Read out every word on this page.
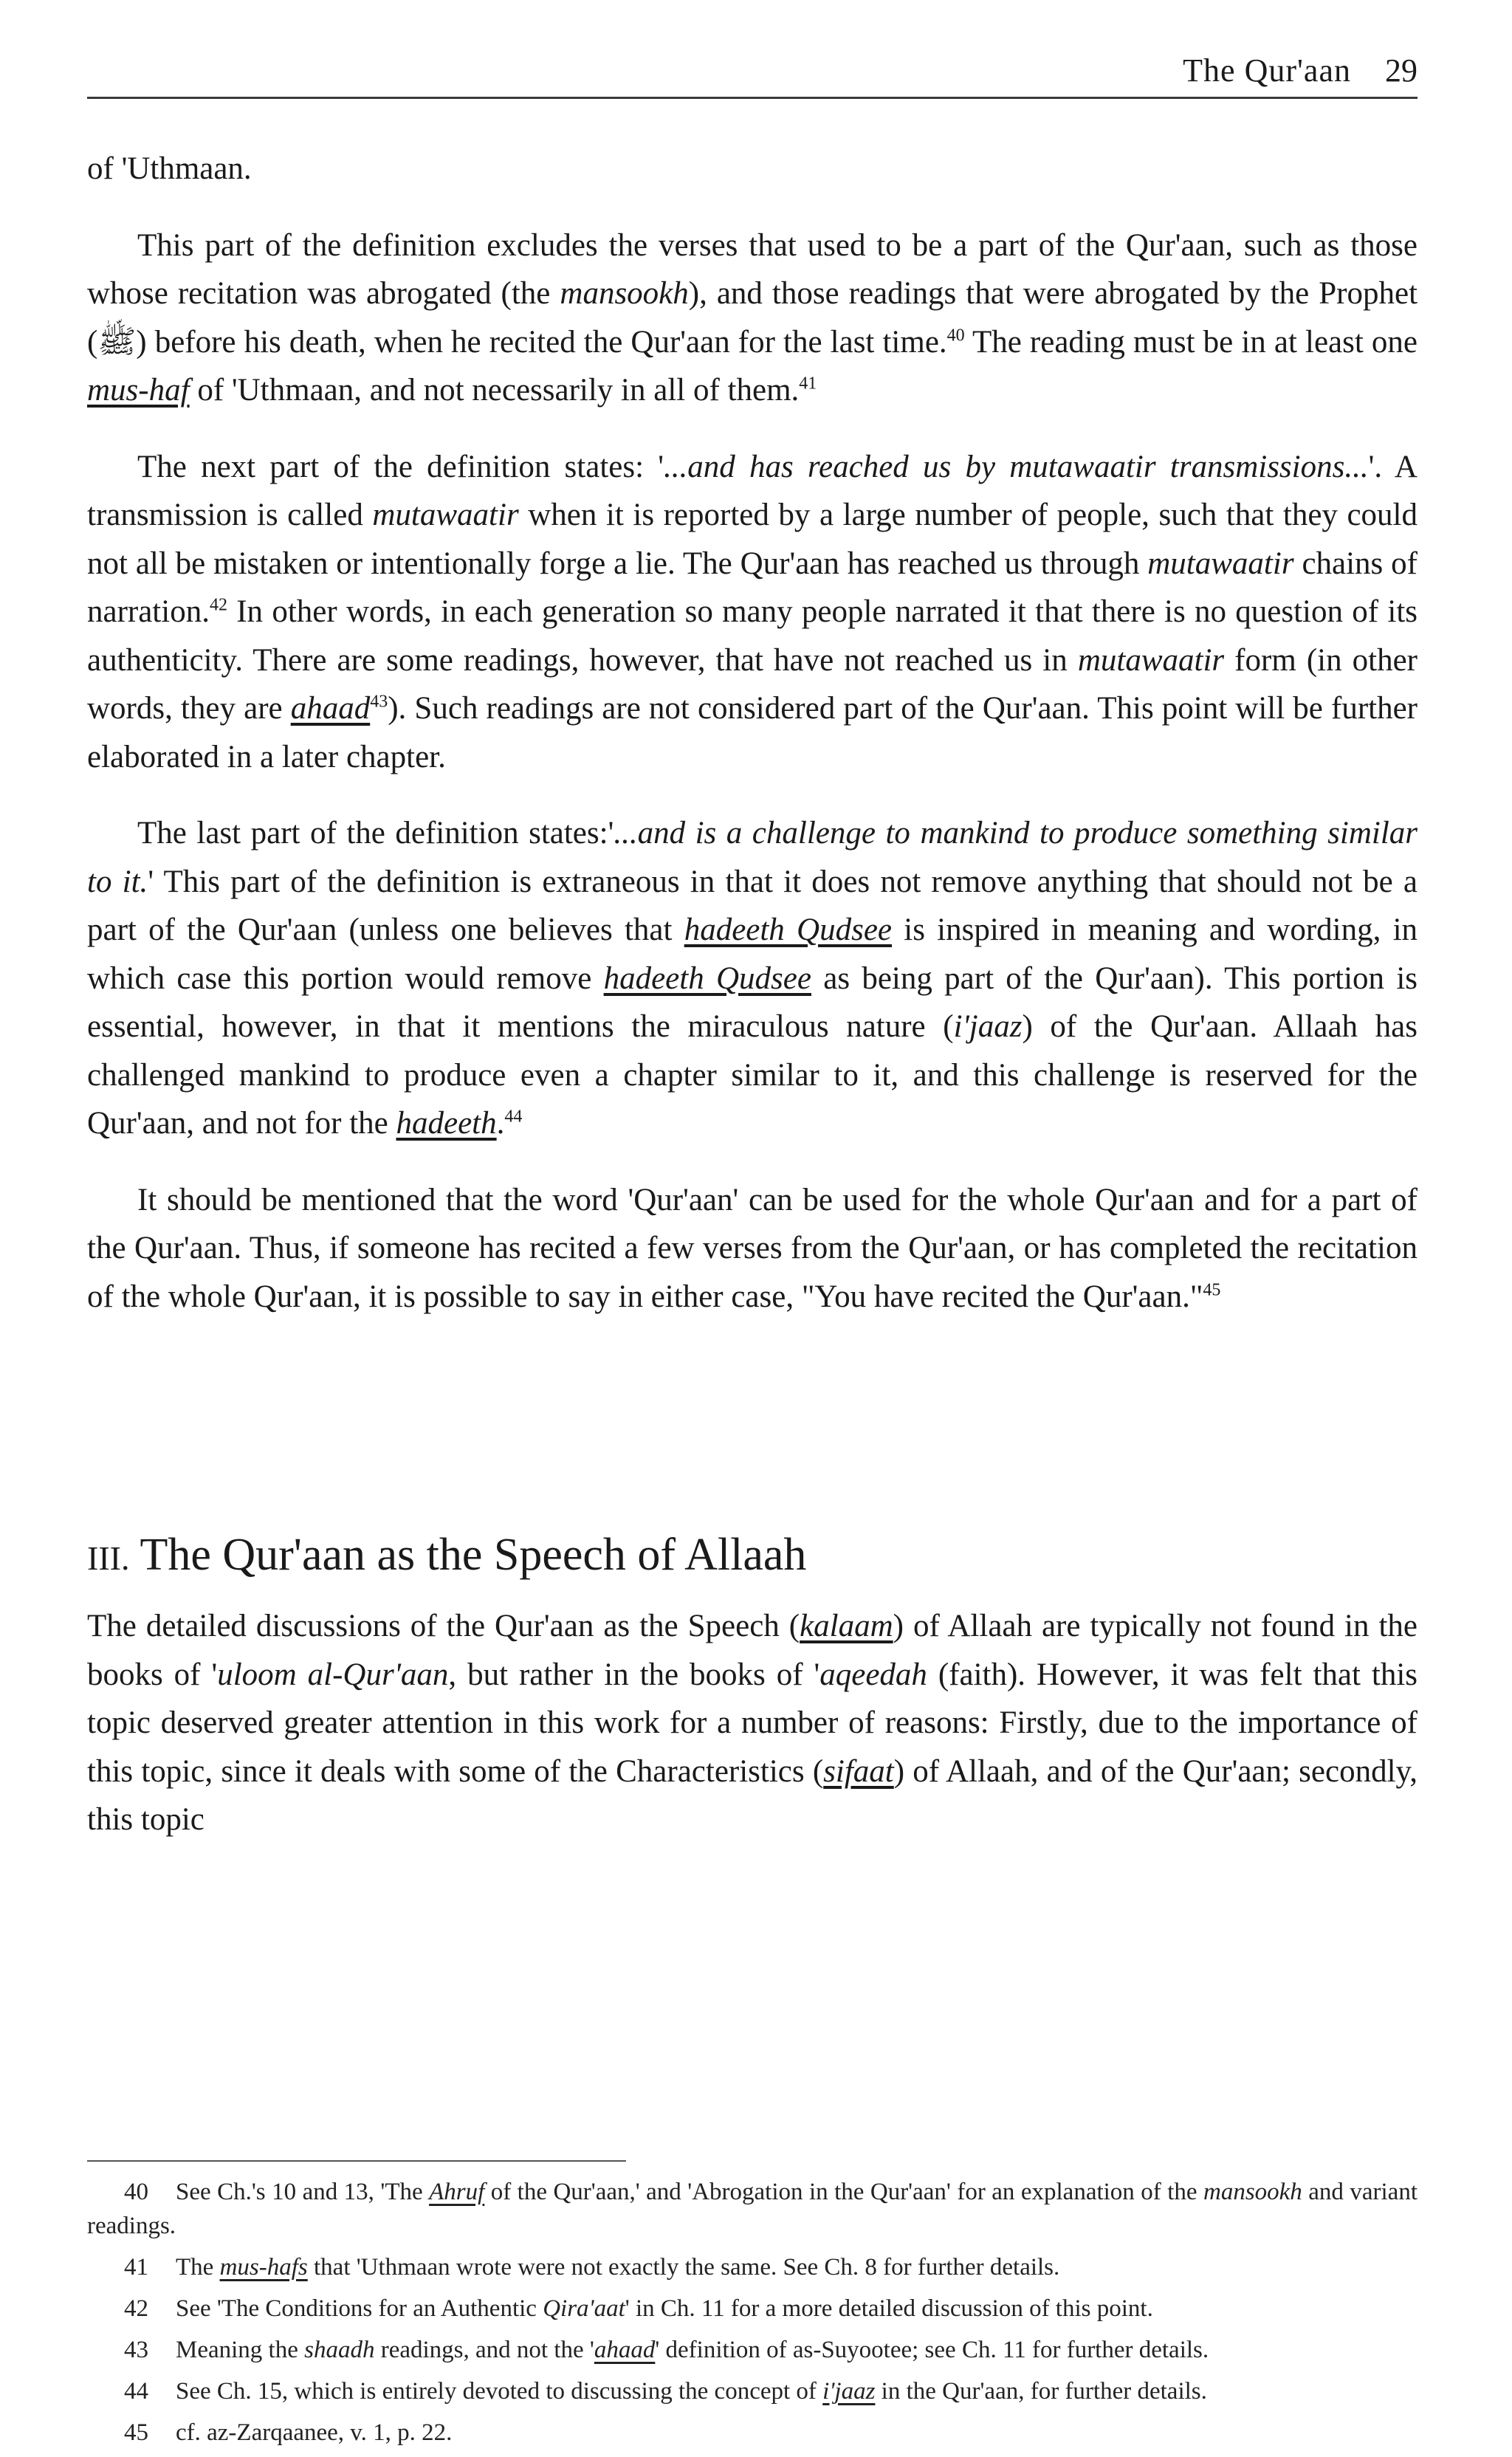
The Qur'aan 29

of 'Uthmaan.

This part of the definition excludes the verses that used to be a part of the Qur'aan, such as those whose recitation was abrogated (the mansookh), and those readings that were abrogated by the Prophet (ﷺ) before his death, when he recited the Qur'aan for the last time.$^{40}$ The reading must be in at least one mus-haf of 'Uthmaan, and not necessarily in all of them.$^{41}$

The next part of the definition states: '...and has reached us by mutawaatir transmissions...'. A transmission is called mutawaatir when it is reported by a large number of people, such that they could not all be mistaken or intentionally forge a lie. The Qur'aan has reached us through mutawaatir chains of narration.$^{42}$ In other words, in each generation so many people narrated it that there is no question of its authenticity. There are some readings, however, that have not reached us in mutawaatir form (in other words, they are ahaad$^{43}$). Such readings are not considered part of the Qur'aan. This point will be further elaborated in a later chapter.

The last part of the definition states:'...and is a challenge to mankind to produce something similar to it.' This part of the definition is extraneous in that it does not remove anything that should not be a part of the Qur'aan (unless one believes that hadeeth Qudsee is inspired in meaning and wording, in which case this portion would remove hadeeth Qudsee as being part of the Qur'aan). This portion is essential, however, in that it mentions the miraculous nature (i'jaaz) of the Qur'aan. Allaah has challenged mankind to produce even a chapter similar to it, and this challenge is reserved for the Qur'aan, and not for the hadeeth.$^{44}$

It should be mentioned that the word 'Qur'aan' can be used for the whole Qur'aan and for a part of the Qur'aan. Thus, if someone has recited a few verses from the Qur'aan, or has completed the recitation of the whole Qur'aan, it is possible to say in either case, "You have recited the Qur'aan."$^{45}$

III. The Qur'aan as the Speech of Allaah

The detailed discussions of the Qur'aan as the Speech (kalaam) of Allaah are typically not found in the books of 'uloom al-Qur'aan, but rather in the books of 'aqeedah (faith). However, it was felt that this topic deserved greater attention in this work for a number of reasons: Firstly, due to the importance of this topic, since it deals with some of the Characteristics (sifaat) of Allaah, and of the Qur'aan; secondly, this topic

40 See Ch.'s 10 and 13, 'The Ahruf of the Qur'aan,' and 'Abrogation in the Qur'aan' for an explanation of the mansookh and variant readings.

41 The mus-hafs that 'Uthmaan wrote were not exactly the same. See Ch. 8 for further details.

42 See 'The Conditions for an Authentic Qira'aat' in Ch. 11 for a more detailed discussion of this point.

43 Meaning the shaadh readings, and not the 'ahaad' definition of as-Suyootee; see Ch. 11 for further details.

44 See Ch. 15, which is entirely devoted to discussing the concept of i'jaaz in the Qur'aan, for further details.

45 cf. az-Zarqaanee, v. 1, p. 22.
